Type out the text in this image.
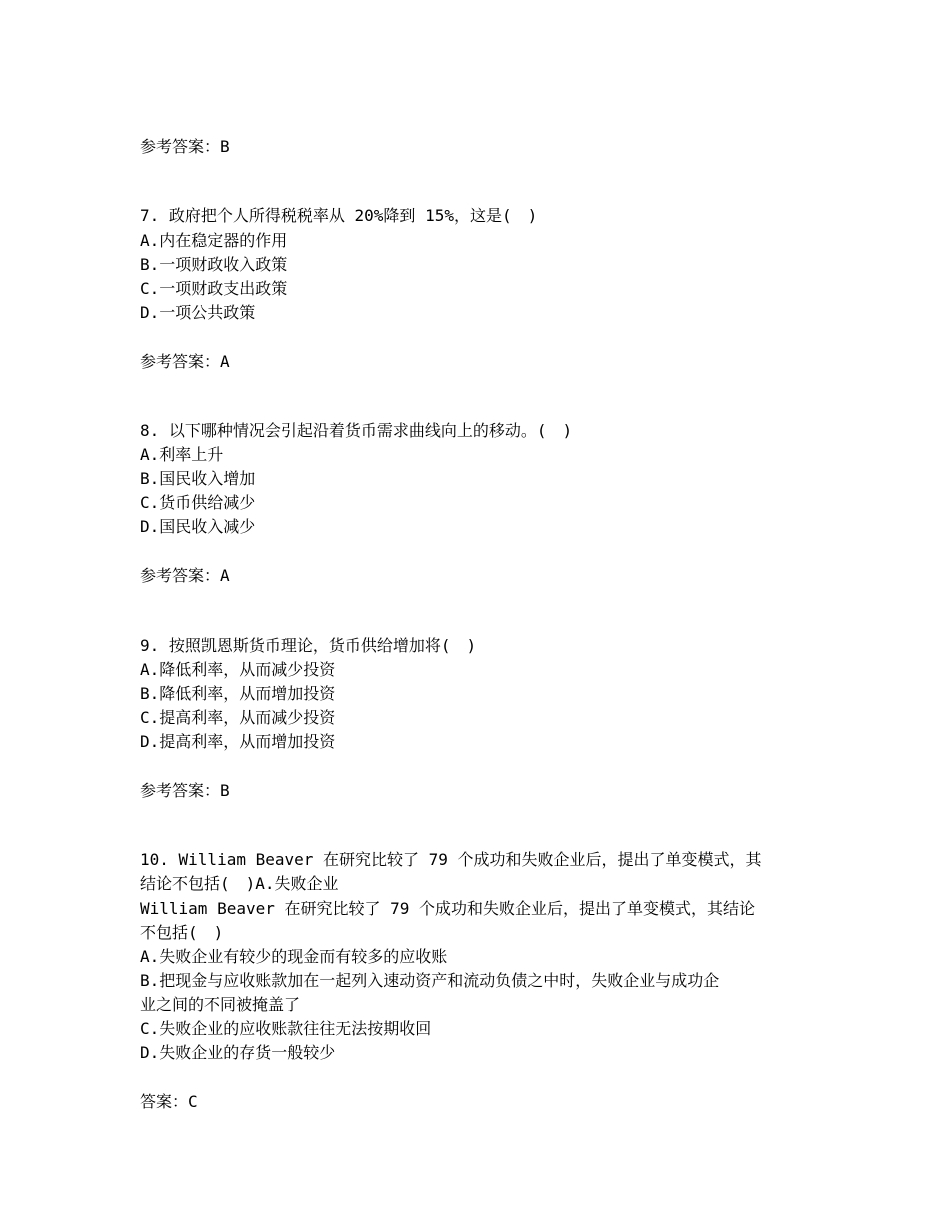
参考答案：B
7. 政府把个人所得税税率从 20%降到 15%，这是(　)
A.内在稳定器的作用
B.一项财政收入政策
C.一项财政支出政策
D.一项公共政策
参考答案：A
8. 以下哪种情况会引起沿着货币需求曲线向上的移动。(　)
A.利率上升
B.国民收入增加
C.货币供给减少
D.国民收入减少
参考答案：A
9. 按照凯恩斯货币理论，货币供给增加将(　)
A.降低利率，从而减少投资
B.降低利率，从而增加投资
C.提高利率，从而减少投资
D.提高利率，从而增加投资
参考答案：B
10. William Beaver 在研究比较了 79 个成功和失败企业后，提出了单变模式，其
结论不包括(　)A.失败企业
William Beaver 在研究比较了 79 个成功和失败企业后，提出了单变模式，其结论
不包括(　)
A.失败企业有较少的现金而有较多的应收账
B.把现金与应收账款加在一起列入速动资产和流动负债之中时，失败企业与成功企
业之间的不同被掩盖了
C.失败企业的应收账款往往无法按期收回
D.失败企业的存货一般较少
答案：C
